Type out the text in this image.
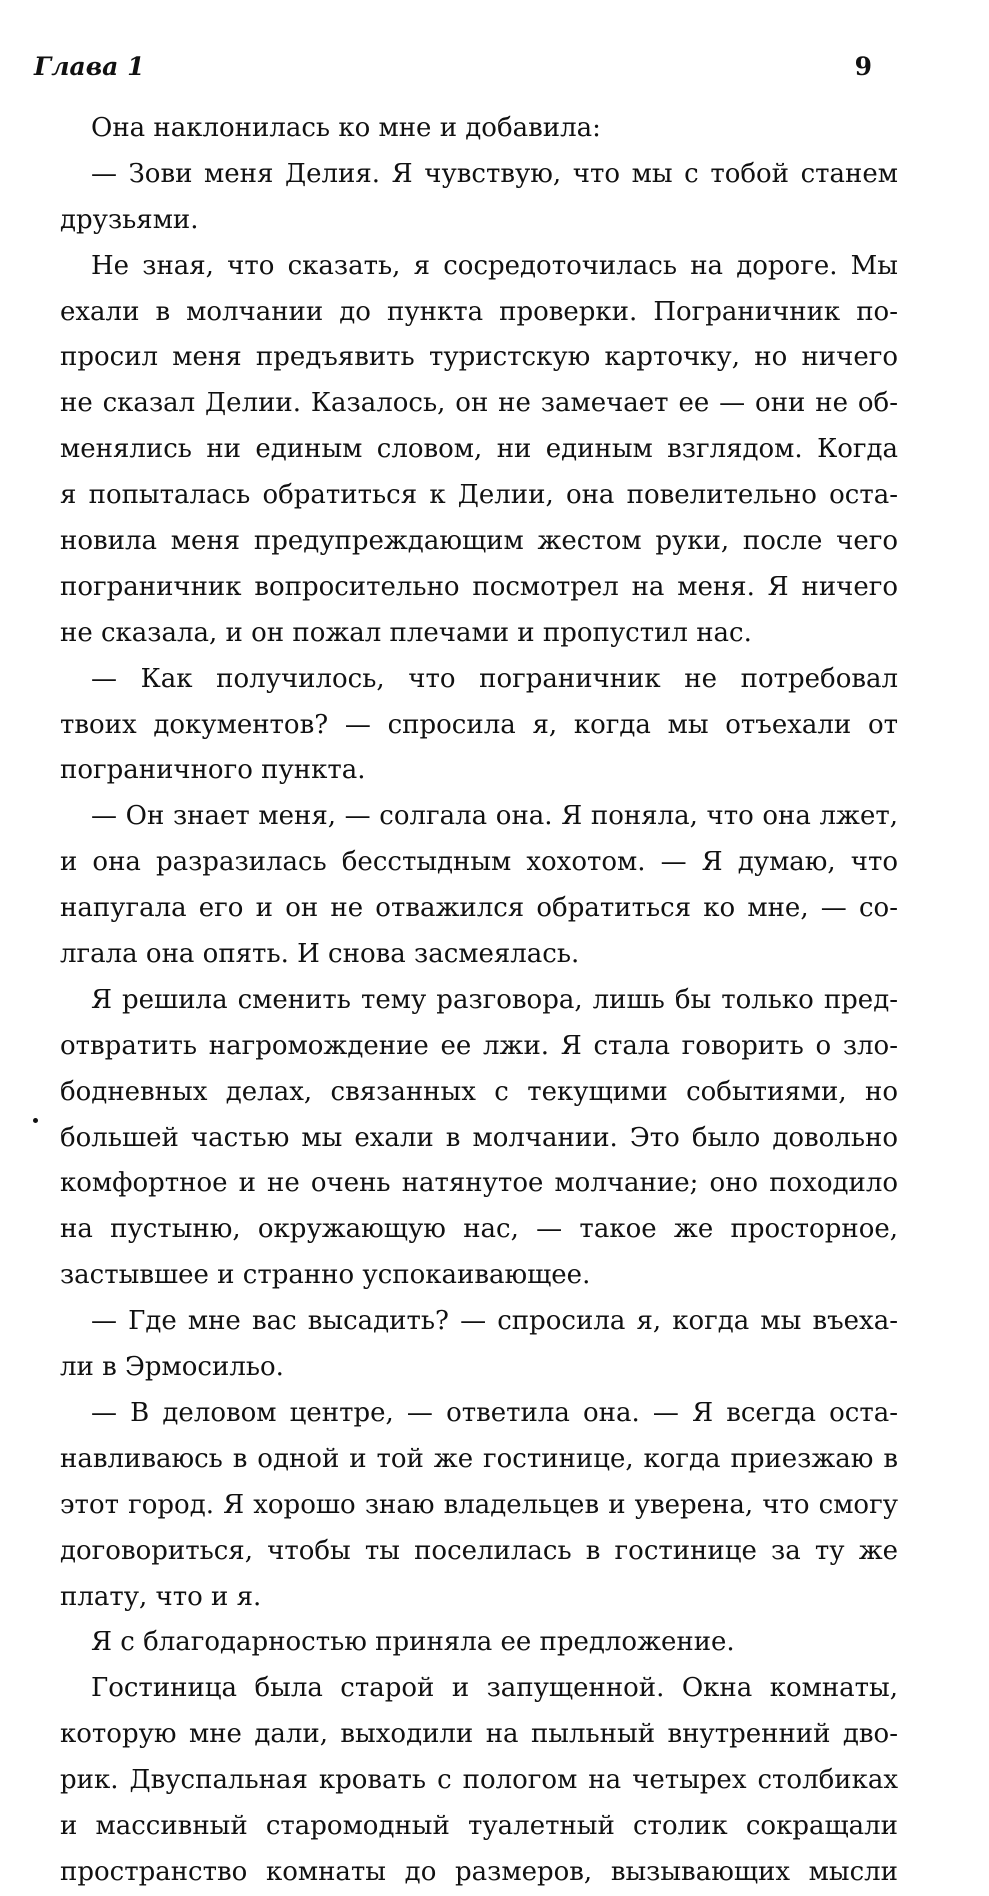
Глава 1	9
Она наклонилась ко мне и добавила:
— Зови меня Делия. Я чувствую, что мы с тобой станем
друзьями.
Не зная, что сказать, я сосредоточилась на дороге. Мы
ехали в молчании до пункта проверки. Пограничник по-
просил меня предъявить туристскую карточку, но ничего
не сказал Делии. Казалось, он не замечает ее — они не об-
менялись ни единым словом, ни единым взглядом. Когда
я попыталась обратиться к Делии, она повелительно оста-
новила меня предупреждающим жестом руки, после чего
пограничник вопросительно посмотрел на меня. Я ничего
не сказала, и он пожал плечами и пропустил нас.
— Как получилось, что пограничник не потребовал
твоих документов? — спросила я, когда мы отъехали от
пограничного пункта.
— Он знает меня, — солгала она. Я поняла, что она лжет,
и она разразилась бесстыдным хохотом. — Я думаю, что
напугала его и он не отважился обратиться ко мне, — со-
лгала она опять. И снова засмеялась.
Я решила сменить тему разговора, лишь бы только пред-
отвратить нагромождение ее лжи. Я стала говорить о зло-
бодневных делах, связанных с текущими событиями, но
большей частью мы ехали в молчании. Это было довольно
комфортное и не очень натянутое молчание; оно походило
на пустыню, окружающую нас, — такое же просторное,
застывшее и странно успокаивающее.
— Где мне вас высадить? — спросила я, когда мы въеха-
ли в Эрмосильо.
— В деловом центре, — ответила она. — Я всегда оста-
навливаюсь в одной и той же гостинице, когда приезжаю в
этот город. Я хорошо знаю владельцев и уверена, что смогу
договориться, чтобы ты поселилась в гостинице за ту же
плату, что и я.
Я с благодарностью приняла ее предложение.
Гостиница была старой и запущенной. Окна комнаты,
которую мне дали, выходили на пыльный внутренний дво-
рик. Двуспальная кровать с пологом на четырех столбиках
и массивный старомодный туалетный столик сокращали
пространство комнаты до размеров, вызывающих мысли
